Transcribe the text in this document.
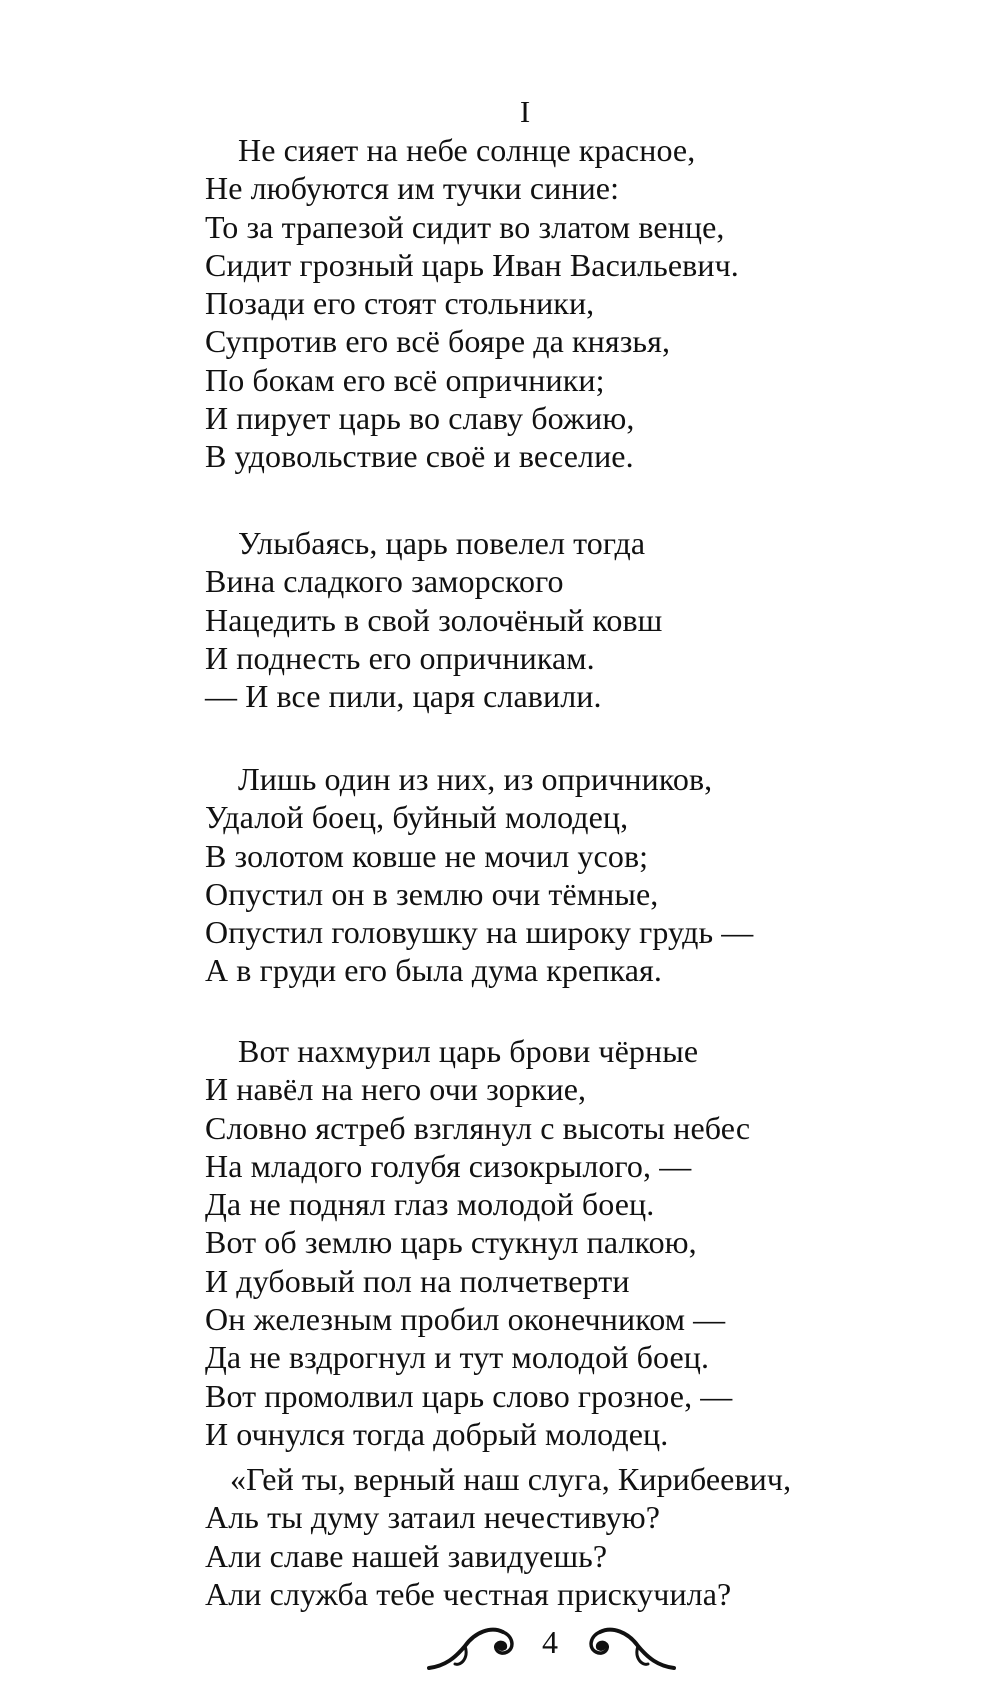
I
Не сияет на небе солнце красное,
Не любуются им тучки синие:
То за трапезой сидит во златом венце,
Сидит грозный царь Иван Васильевич.
Позади его стоят стольники,
Супротив его всё бояре да князья,
По бокам его всё опричники;
И пирует царь во славу божию,
В удовольствие своё и веселие.
Улыбаясь, царь повелел тогда
Вина сладкого заморского
Нацедить в свой золочёный ковш
И поднесть его опричникам.
— И все пили, царя славили.
Лишь один из них, из опричников,
Удалой боец, буйный молодец,
В золотом ковше не мочил усов;
Опустил он в землю очи тёмные,
Опустил головушку на широку грудь —
А в груди его была дума крепкая.
Вот нахмурил царь брови чёрные
И навёл на него очи зоркие,
Словно ястреб взглянул с высоты небес
На младого голубя сизокрылого, —
Да не поднял глаз молодой боец.
Вот об землю царь стукнул палкою,
И дубовый пол на полчетверти
Он железным пробил оконечником —
Да не вздрогнул и тут молодой боец.
Вот промолвил царь слово грозное, —
И очнулся тогда добрый молодец.
«Гей ты, верный наш слуга, Кирибеевич,
Аль ты думу затаил нечестивую?
Али славе нашей завидуешь?
Али служба тебе честная прискучила?
4
